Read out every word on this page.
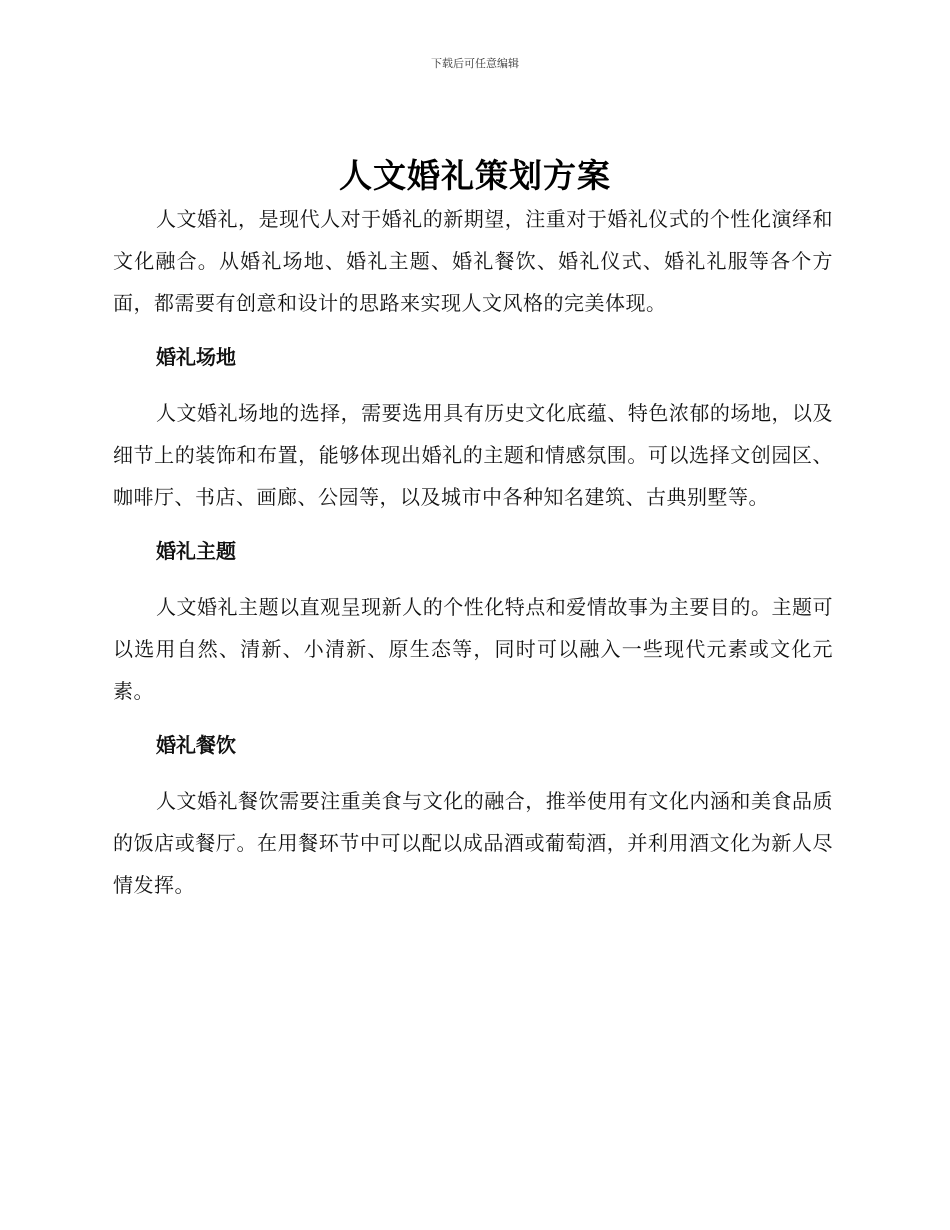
下载后可任意编辑
人文婚礼策划方案

人文婚礼，是现代人对于婚礼的新期望，注重对于婚礼仪式的个性化演绎和文化融合。从婚礼场地、婚礼主题、婚礼餐饮、婚礼仪式、婚礼礼服等各个方面，都需要有创意和设计的思路来实现人文风格的完美体现。

婚礼场地

人文婚礼场地的选择，需要选用具有历史文化底蕴、特色浓郁的场地，以及细节上的装饰和布置，能够体现出婚礼的主题和情感氛围。可以选择文创园区、咖啡厅、书店、画廊、公园等，以及城市中各种知名建筑、古典别墅等。

婚礼主题

人文婚礼主题以直观呈现新人的个性化特点和爱情故事为主要目的。主题可以选用自然、清新、小清新、原生态等，同时可以融入一些现代元素或文化元素。

婚礼餐饮

人文婚礼餐饮需要注重美食与文化的融合，推举使用有文化内涵和美食品质的饭店或餐厅。在用餐环节中可以配以成品酒或葡萄酒，并利用酒文化为新人尽情发挥。
